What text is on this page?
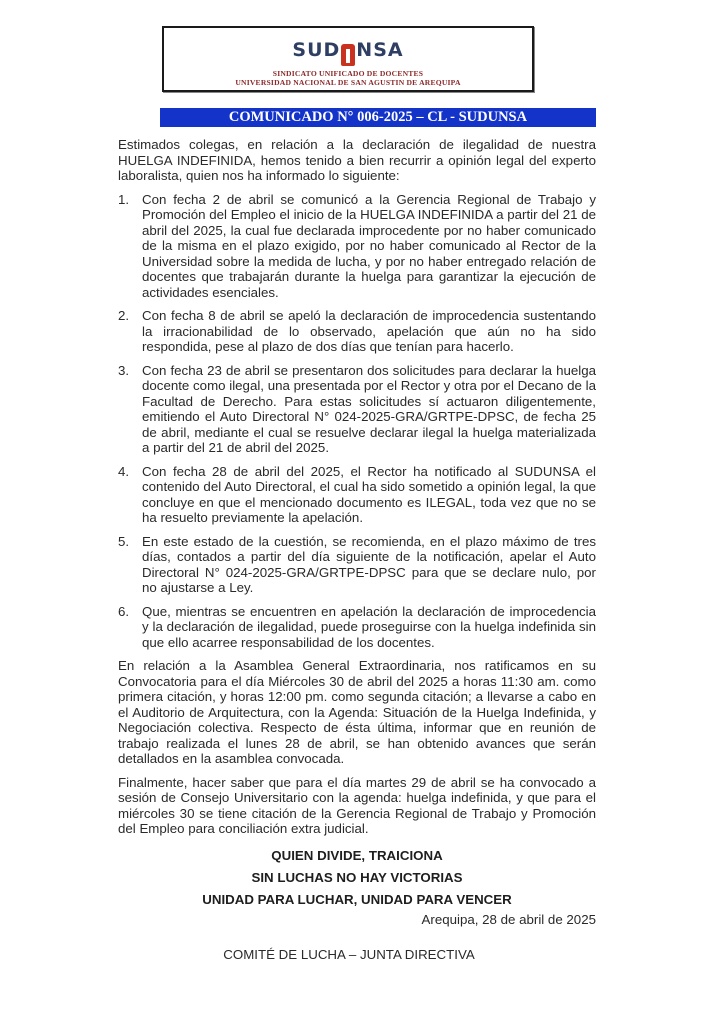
SUD NSA
SINDICATO UNIFICADO DE DOCENTES
UNIVERSIDAD NACIONAL DE SAN AGUSTIN DE AREQUIPA
COMUNICADO N° 006-2025 – CL - SUDUNSA

Estimados colegas, en relación a la declaración de ilegalidad de nuestra HUELGA INDEFINIDA, hemos tenido a bien recurrir a opinión legal del experto laboralista, quien nos ha informado lo siguiente:

1. Con fecha 2 de abril se comunicó a la Gerencia Regional de Trabajo y Promoción del Empleo el inicio de la HUELGA INDEFINIDA a partir del 21 de abril del 2025, la cual fue declarada improcedente por no haber comunicado de la misma en el plazo exigido, por no haber comunicado al Rector de la Universidad sobre la medida de lucha, y por no haber entregado relación de docentes que trabajarán durante la huelga para garantizar la ejecución de actividades esenciales.
2. Con fecha 8 de abril se apeló la declaración de improcedencia sustentando la irracionabilidad de lo observado, apelación que aún no ha sido respondida, pese al plazo de dos días que tenían para hacerlo.
3. Con fecha 23 de abril se presentaron dos solicitudes para declarar la huelga docente como ilegal, una presentada por el Rector y otra por el Decano de la Facultad de Derecho. Para estas solicitudes sí actuaron diligentemente, emitiendo el Auto Directoral N° 024-2025-GRA/GRTPE-DPSC, de fecha 25 de abril, mediante el cual se resuelve declarar ilegal la huelga materializada a partir del 21 de abril del 2025.
4. Con fecha 28 de abril del 2025, el Rector ha notificado al SUDUNSA el contenido del Auto Directoral, el cual ha sido sometido a opinión legal, la que concluye en que el mencionado documento es ILEGAL, toda vez que no se ha resuelto previamente la apelación.
5. En este estado de la cuestión, se recomienda, en el plazo máximo de tres días, contados a partir del día siguiente de la notificación, apelar el Auto Directoral N° 024-2025-GRA/GRTPE-DPSC para que se declare nulo, por no ajustarse a Ley.
6. Que, mientras se encuentren en apelación la declaración de improcedencia y la declaración de ilegalidad, puede proseguirse con la huelga indefinida sin que ello acarree responsabilidad de los docentes.

En relación a la Asamblea General Extraordinaria, nos ratificamos en su Convocatoria para el día Miércoles 30 de abril del 2025 a horas 11:30 am. como primera citación, y horas 12:00 pm. como segunda citación; a llevarse a cabo en el Auditorio de Arquitectura, con la Agenda: Situación de la Huelga Indefinida, y Negociación colectiva. Respecto de ésta última, informar que en reunión de trabajo realizada el lunes 28 de abril, se han obtenido avances que serán detallados en la asamblea convocada.

Finalmente, hacer saber que para el día martes 29 de abril se ha convocado a sesión de Consejo Universitario con la agenda: huelga indefinida, y que para el miércoles 30 se tiene citación de la Gerencia Regional de Trabajo y Promoción del Empleo para conciliación extra judicial.

QUIEN DIVIDE, TRAICIONA

SIN LUCHAS NO HAY VICTORIAS

UNIDAD PARA LUCHAR, UNIDAD PARA VENCER

Arequipa, 28 de abril de 2025
COMITÉ DE LUCHA – JUNTA DIRECTIVA
